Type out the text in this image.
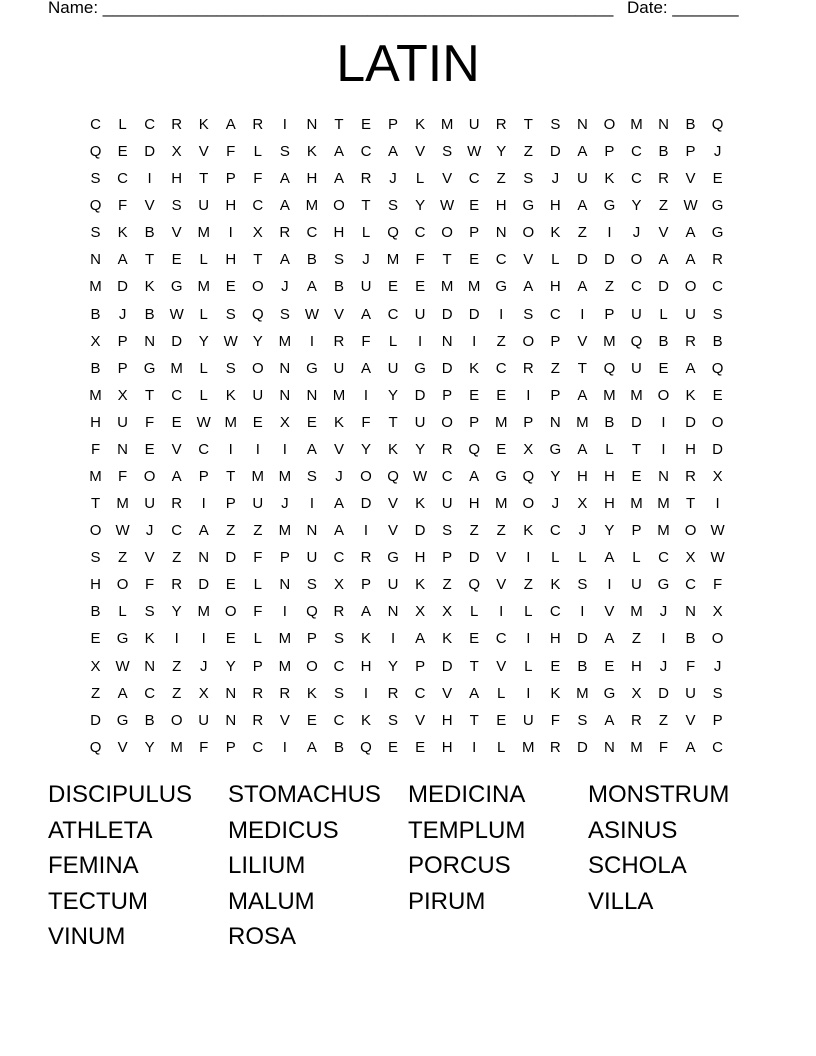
Name: ______________________________________________________ Date: _______
LATIN
C	L	C	R	K	A	R	I	N	T	E	P	K	M	U	R	T	S	N	O M	N	B	Q
Q	E	D	X	V	F	L	S	K	A	C	A	V	S W Y	Z	D	A	P	C	B	P	J
S	C	I	H	T	P	F	A	H	A	R	J	L	V	C	Z	S	J	U	K	C	R	V	E
Q	F	V	S	U	H	C	A	M O	T	S	Y W E	H	G	H	A	G	Y	Z	W G
S	K	B	V	M	I	X	R	C	H	L	Q	C	O	P	N	O	K	Z	I	J	V	A	G
N	A	T	E	L	H	T	A	B	S	J	M	F	T	E	C	V	L	D	D	O	A	A	R
M	D	K	G M	E	O	J	A	B	U	E	E	M M G	A	H	A	Z	C	D	O	C
B	J	B W	L	S	Q	S W V	A	C	U	D	D	I	S	C	I	P	U	L	U	S
X	P	N	D	Y W Y	M	I	R	F	L	I	N	I	Z	O	P	V	M Q	B	R	B
B	P	G M	L	S	O	N	G	U	A	U	G	D	K	C	R	Z	T	Q	U	E	A	Q
M	X	T	C	L	K	U	N	N	M	I	Y	D	P	E	E	I	P	A	M M O	K	E
H	U	F	E W M	E	X	E	K	F	T	U	O	P	M	P	N	M	B	D	I	D	O
F	N	E	V	C	I	I	I	A	V	Y	K	Y	R	Q	E	X	G	A	L	T	I	H	D
M	F	O	A	P	T	M M	S	J	O	Q W C	A	G	Q	Y	H	H	E	N	R	X
T	M	U	R	I	P	U	J	I	A	D	V	K	U	H	M O	J	X	H	M M	T	I
O W	J	C	A	Z	Z	M	N	A	I	V	D	S	Z	Z	K	C	J	Y	P	M O W
S	Z	V	Z	N	D	F	P	U	C	R	G	H	P	D	V	I	L	L	A	L	C	X W
H	O	F	R	D	E	L	N	S	X	P	U	K	Z	Q	V	Z	K	S	I	U	G	C	F
B	L	S	Y	M O	F	I	Q	R	A	N	X	X	L	I	L	C	I	V	M	J	N	X
E	G	K	I	I	E	L	M	P	S	K	I	A	K	E	C	I	H	D	A	Z	I	B	O
X W N	Z	J	Y	P	M O	C	H	Y	P	D	T	V	L	E	B	E	H	J	F	J
Z	A	C	Z	X	N	R	R	K	S	I	R	C	V	A	L	I	K	M G	X	D	U	S
D	G	B	O	U	N	R	V	E	C	K	S	V	H	T	E	U	F	S	A	R	Z	V	P
Q	V	Y	M	F	P	C	I	A	B	Q	E	E	H	I	L	M	R	D	N	M	F	A	C
DISCIPULUS	STOMACHUS	MEDICINA	MONSTRUM
ATHLETA	MEDICUS	TEMPLUM	ASINUS
FEMINA	LILIUM	PORCUS	SCHOLA
TECTUM	MALUM	PIRUM	VILLA
VINUM	ROSA
